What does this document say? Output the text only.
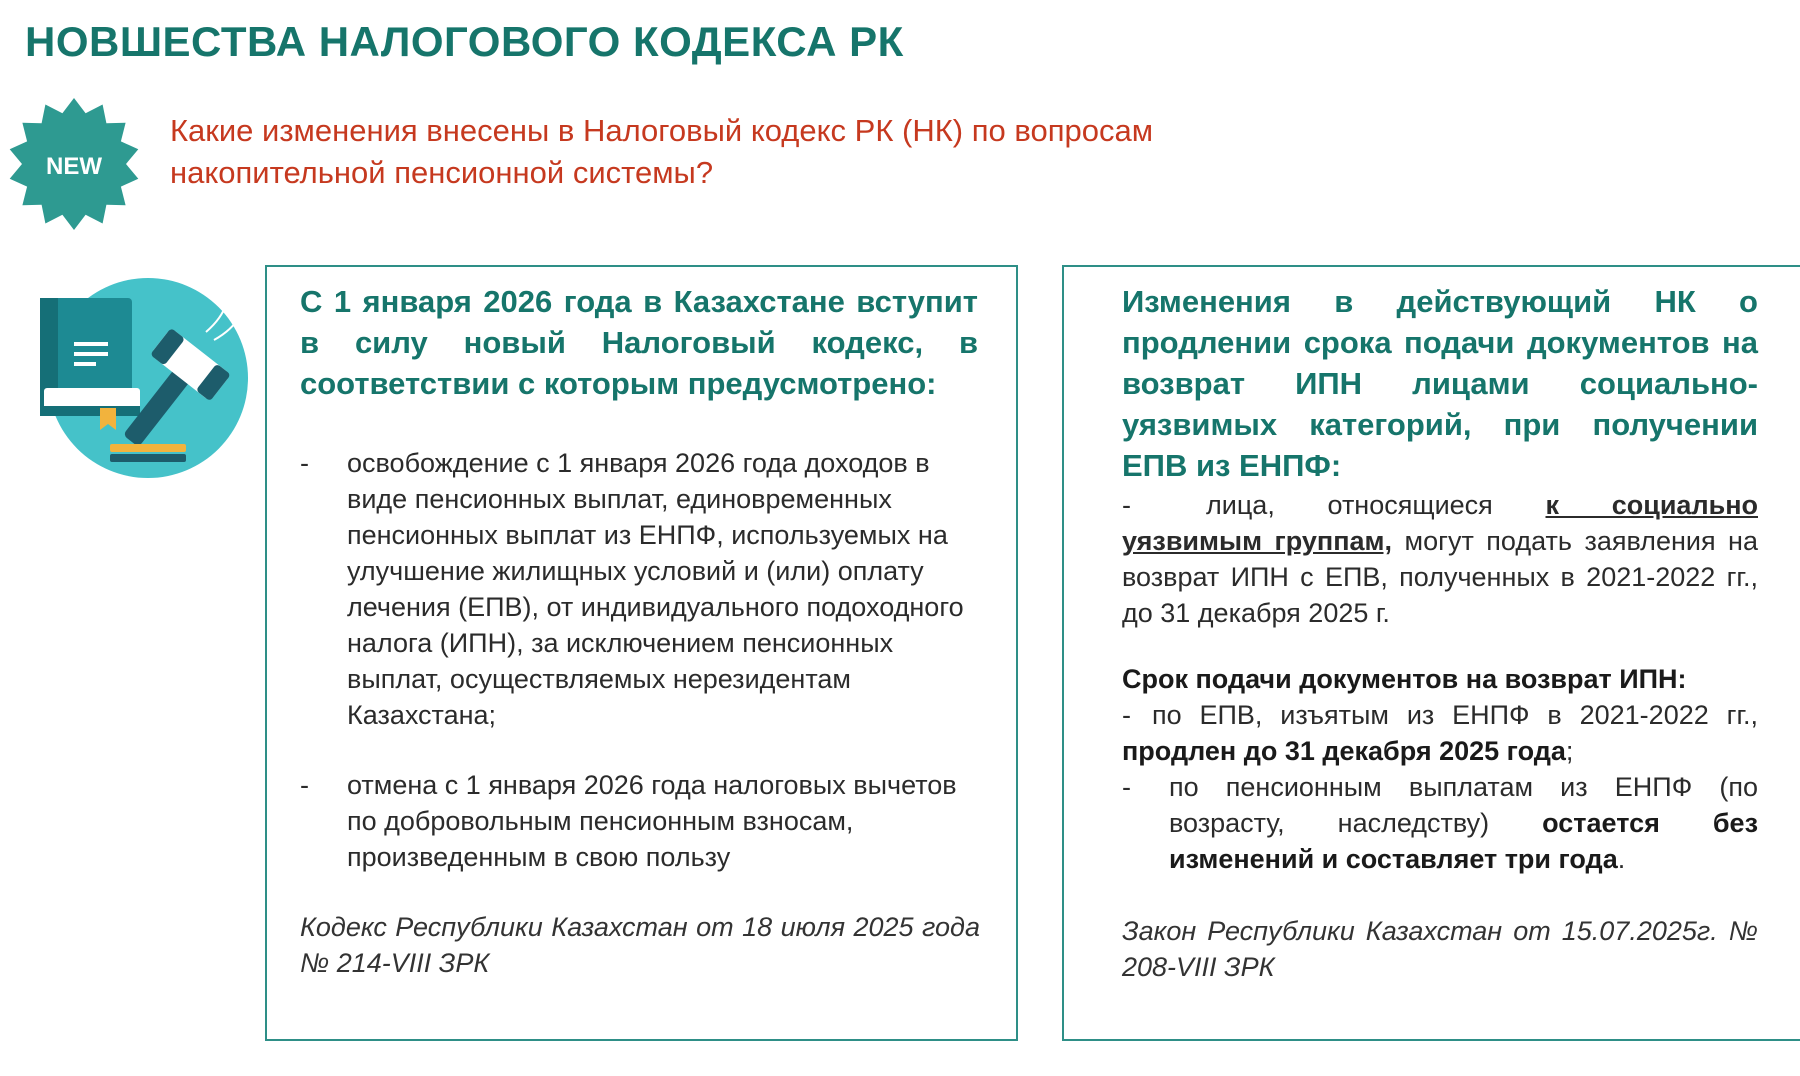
НОВШЕСТВА НАЛОГОВОГО КОДЕКСА РК
NEW
Какие изменения внесены в Налоговый кодекс РК (НК) по вопросам накопительной пенсионной системы?
С 1 января 2026 года в Казахстане вступит в силу новый Налоговый кодекс, в соответствии с которым предусмотрено:
- освобождение с 1 января 2026 года доходов в виде пенсионных выплат, единовременных пенсионных выплат из ЕНПФ, используемых на улучшение жилищных условий и (или) оплату лечения (ЕПВ), от индивидуального подоходного налога (ИПН), за исключением пенсионных выплат, осуществляемых нерезидентам Казахстана;
- отмена с 1 января 2026 года налоговых вычетов по добровольным пенсионным взносам, произведенным в свою пользу
Кодекс Республики Казахстан от 18 июля 2025 года № 214-VIII ЗРК
Изменения в действующий НК о продлении срока подачи документов на возврат ИПН лицами социально-уязвимых категорий, при получении ЕПВ из ЕНПФ:
-	лица, относящиеся к социально уязвимым группам, могут подать заявления на возврат ИПН с ЕПВ, полученных в 2021-2022 гг., до 31 декабря 2025 г.
Срок подачи документов на возврат ИПН:
- по ЕПВ, изъятым из ЕНПФ в 2021-2022 гг., продлен до 31 декабря 2025 года;
- по пенсионным выплатам из ЕНПФ (по возрасту, наследству) остается без изменений и составляет три года.
Закон Республики Казахстан от 15.07.2025г. № 208-VIII ЗРК
